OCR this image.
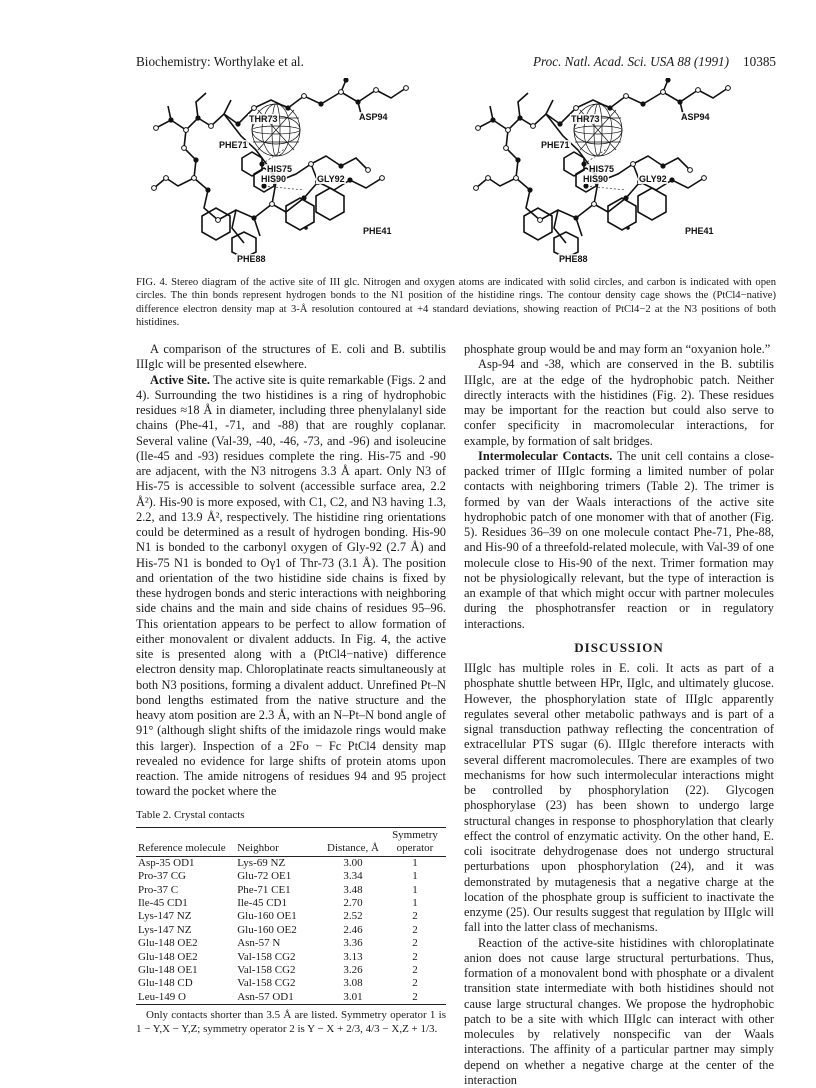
Biochemistry: Worthylake et al.	Proc. Natl. Acad. Sci. USA 88 (1991) 10385
THR73	ASP94
PHE71
HIS75
HIS90	GLY92
PHE41
PHE88
THR73	ASP94
PHE71
HIS75
HIS90	GLY92
PHE41
PHE88
FIG. 4. Stereo diagram of the active site of III glc. Nitrogen and oxygen atoms are indicated with solid circles, and carbon is indicated with open circles. The thin bonds represent hydrogen bonds to the N1 position of the histidine rings. The contour density cage shows the (PtCl4−native) difference electron density map at 3-Å resolution contoured at +4 standard deviations, showing reaction of PtCl4−2 at the N3 positions of both histidines.

A comparison of the structures of E. coli and B. subtilis IIIglc will be presented elsewhere.

Active Site. The active site is quite remarkable (Figs. 2 and 4). Surrounding the two histidines is a ring of hydrophobic residues ≈18 Å in diameter, including three phenylalanyl side chains (Phe-41, -71, and -88) that are roughly coplanar. Several valine (Val-39, -40, -46, -73, and -96) and isoleucine (Ile-45 and -93) residues complete the ring. His-75 and -90 are adjacent, with the N3 nitrogens 3.3 Å apart. Only N3 of His-75 is accessible to solvent (accessible surface area, 2.2 Å²). His-90 is more exposed, with C1, C2, and N3 having 1.3, 2.2, and 13.9 Å², respectively. The histidine ring orientations could be determined as a result of hydrogen bonding. His-90 N1 is bonded to the carbonyl oxygen of Gly-92 (2.7 Å) and His-75 N1 is bonded to Oγ1 of Thr-73 (3.1 Å). The position and orientation of the two histidine side chains is fixed by these hydrogen bonds and steric interactions with neighboring side chains and the main and side chains of residues 95–96. This orientation appears to be perfect to allow formation of either monovalent or divalent adducts. In Fig. 4, the active site is presented along with a (PtCl4−native) difference electron density map. Chloroplatinate reacts simultaneously at both N3 positions, forming a divalent adduct. Unrefined Pt–N bond lengths estimated from the native structure and the heavy atom position are 2.3 Å, with an N–Pt–N bond angle of 91° (although slight shifts of the imidazole rings would make this larger). Inspection of a 2Fo − Fc PtCl4 density map revealed no evidence for large shifts of protein atoms upon reaction. The amide nitrogens of residues 94 and 95 project toward the pocket where the

Table 2. Crystal contacts
Reference molecule	Neighbor	Distance, Å	Symmetry operator
Asp-35 OD1	Lys-69 NZ	3.00	1
Pro-37 CG	Glu-72 OE1	3.34	1
Pro-37 C	Phe-71 CE1	3.48	1
Ile-45 CD1	Ile-45 CD1	2.70	1
Lys-147 NZ	Glu-160 OE1	2.52	2
Lys-147 NZ	Glu-160 OE2	2.46	2
Glu-148 OE2	Asn-57 N	3.36	2
Glu-148 OE2	Val-158 CG2	3.13	2
Glu-148 OE1	Val-158 CG2	3.26	2
Glu-148 CD	Val-158 CG2	3.08	2
Leu-149 O	Asn-57 OD1	3.01	2
Only contacts shorter than 3.5 Å are listed. Symmetry operator 1 is 1 − Y,X − Y,Z; symmetry operator 2 is Y − X + 2/3, 4/3 − X,Z + 1/3.

phosphate group would be and may form an “oxyanion hole.”

Asp-94 and -38, which are conserved in the B. subtilis IIIglc, are at the edge of the hydrophobic patch. Neither directly interacts with the histidines (Fig. 2). These residues may be important for the reaction but could also serve to confer specificity in macromolecular interactions, for example, by formation of salt bridges.

Intermolecular Contacts. The unit cell contains a close-packed trimer of IIIglc forming a limited number of polar contacts with neighboring trimers (Table 2). The trimer is formed by van der Waals interactions of the active site hydrophobic patch of one monomer with that of another (Fig. 5). Residues 36–39 on one molecule contact Phe-71, Phe-88, and His-90 of a threefold-related molecule, with Val-39 of one molecule close to His-90 of the next. Trimer formation may not be physiologically relevant, but the type of interaction is an example of that which might occur with partner molecules during the phosphotransfer reaction or in regulatory interactions.

DISCUSSION

IIIglc has multiple roles in E. coli. It acts as part of a phosphate shuttle between HPr, IIglc, and ultimately glucose. However, the phosphorylation state of IIIglc apparently regulates several other metabolic pathways and is part of a signal transduction pathway reflecting the concentration of extracellular PTS sugar (6). IIIglc therefore interacts with several different macromolecules. There are examples of two mechanisms for how such intermolecular interactions might be controlled by phosphorylation (22). Glycogen phosphorylase (23) has been shown to undergo large structural changes in response to phosphorylation that clearly effect the control of enzymatic activity. On the other hand, E. coli isocitrate dehydrogenase does not undergo structural perturbations upon phosphorylation (24), and it was demonstrated by mutagenesis that a negative charge at the location of the phosphate group is sufficient to inactivate the enzyme (25). Our results suggest that regulation by IIIglc will fall into the latter class of mechanisms.

Reaction of the active-site histidines with chloroplatinate anion does not cause large structural perturbations. Thus, formation of a monovalent bond with phosphate or a divalent transition state intermediate with both histidines should not cause large structural changes. We propose the hydrophobic patch to be a site with which IIIglc can interact with other molecules by relatively nonspecific van der Waals interactions. The affinity of a particular partner may simply depend on whether a negative charge at the center of the interaction
